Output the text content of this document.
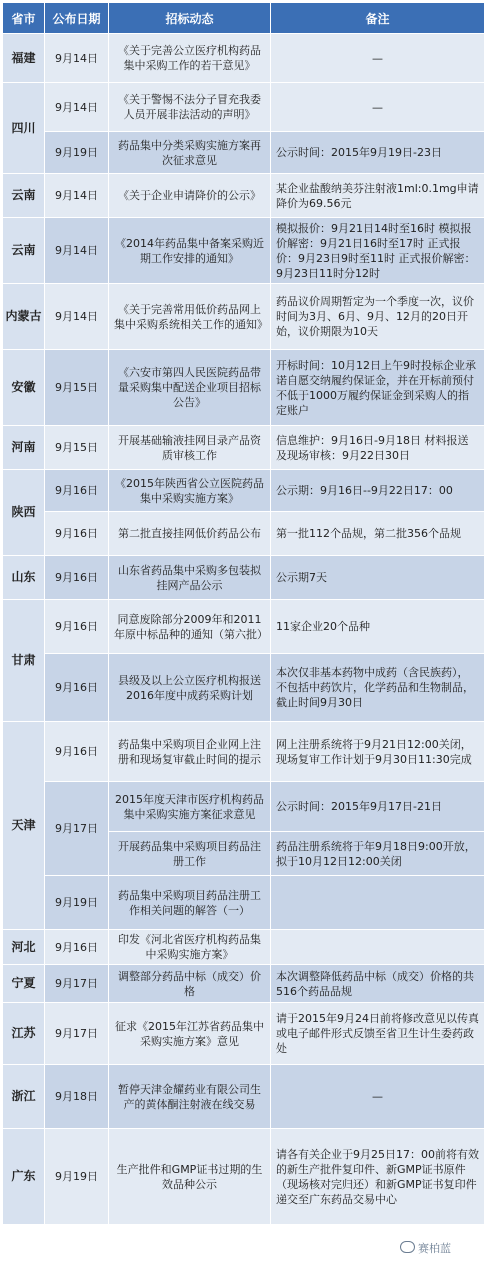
省市	公布日期	招标动态	备注
福建	9月14日	《关于完善公立医疗机构药品集中采购工作的若干意见》	—
四川	9月14日	《关于警惕不法分子冒充我委人员开展非法活动的声明》	—
	9月19日	药品集中分类采购实施方案再次征求意见	公示时间：2015年9月19日-23日
云南	9月14日	《关于企业申请降价的公示》	某企业盐酸纳美芬注射液1ml:0.1mg申请降价为69.56元
云南	9月14日	《2014年药品集中备案采购近期工作安排的通知》	模拟报价：9月21日14时至16时 模拟报价解密：9月21日16时至17时 正式报价：9月23日9时至11时 正式报价解密：9月23日11时分12时
内蒙古	9月14日	《关于完善常用低价药品网上集中采购系统相关工作的通知》	药品议价周期暂定为一个季度一次，议价时间为3月、6月、9月、12月的20日开始，议价期限为10天
安徽	9月15日	《六安市第四人民医院药品带量采购集中配送企业项目招标公告》	开标时间：10月12日上午9时投标企业承诺自愿交纳履约保证金，并在开标前预付不低于1000万履约保证金到采购人的指定账户
河南	9月15日	开展基础输液挂网目录产品资质审核工作	信息维护：9月16日-9月18日 材料报送及现场审核：9月22日30日
陕西	9月16日	《2015年陕西省公立医院药品集中采购实施方案》	公示期：9月16日--9月22日17：00
	9月16日	第二批直接挂网低价药品公布	第一批112个品规，第二批356个品规
山东	9月16日	山东省药品集中采购多包装拟挂网产品公示	公示期7天
甘肃	9月16日	同意废除部分2009年和2011年原中标品种的通知（第六批）	11家企业20个品种
	9月16日	县级及以上公立医疗机构报送2016年度中成药采购计划	本次仅非基本药物中成药（含民族药），不包括中药饮片，化学药品和生物制品，截止时间9月30日
天津	9月16日	药品集中采购项目企业网上注册和现场复审截止时间的提示	网上注册系统将于9月21日12:00关闭，现场复审工作计划于9月30日11:30完成
	9月17日	2015年度天津市医疗机构药品集中采购实施方案征求意见	公示时间：2015年9月17日-21日
		开展药品集中采购项目药品注册工作	药品注册系统将于年9月18日9:00开放，拟于10月12日12:00关闭
	9月19日	药品集中采购项目药品注册工作相关问题的解答（一）	
河北	9月16日	印发《河北省医疗机构药品集中采购实施方案》	
宁夏	9月17日	调整部分药品中标（成交）价格	本次调整降低药品中标（成交）价格的共516个药品品规
江苏	9月17日	征求《2015年江苏省药品集中采购实施方案》意见	请于2015年9月24日前将修改意见以传真或电子邮件形式反馈至省卫生计生委药政处
浙江	9月18日	暂停天津金耀药业有限公司生产的黄体酮注射液在线交易	—
广东	9月19日	生产批件和GMP证书过期的生效品种公示	请各有关企业于9月25日17：00前将有效的新生产批件复印件、新GMP证书原件（现场核对完归还）和新GMP证书复印件递交至广东药品交易中心
赛柏蓝
